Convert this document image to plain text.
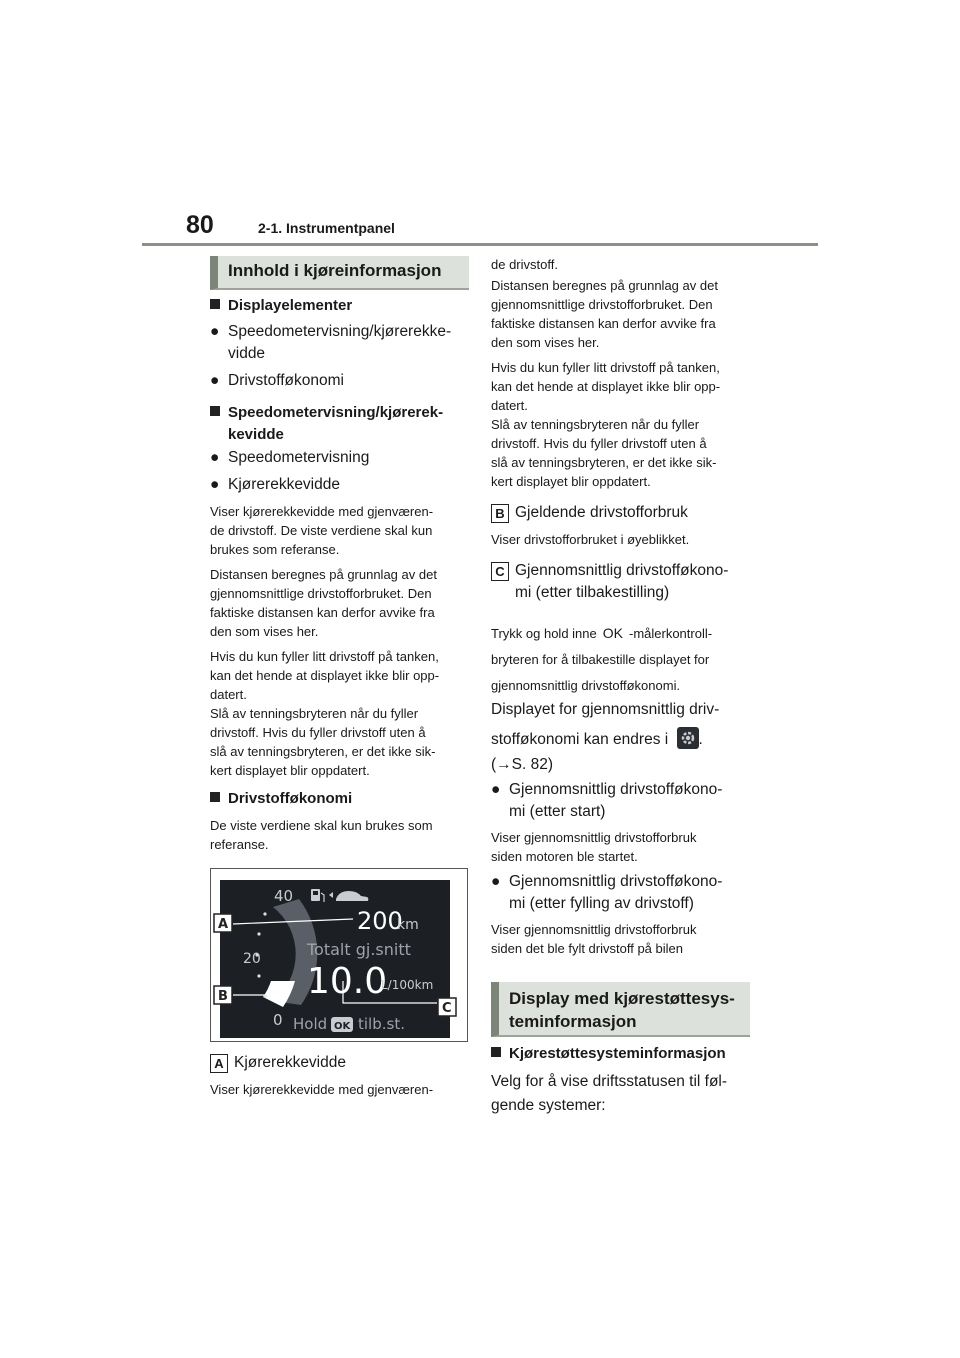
80	2-1. Instrumentpanel
Innhold i kjøreinformasjon
Displayelementer
● Speedometervisning/kjørerekke-
vidde
● Drivstofføkonomi
Speedometervisning/kjørerek-
kevidde
● Speedometervisning
● Kjørerekkevidde
Viser kjørerekkevidde med gjenværen-
de drivstoff. De viste verdiene skal kun
brukes som referanse.
Distansen beregnes på grunnlag av det
gjennomsnittlige drivstofforbruket. Den
faktiske distansen kan derfor avvike fra
den som vises her.
Hvis du kun fyller litt drivstoff på tanken,
kan det hende at displayet ikke blir opp-
datert.
Slå av tenningsbryteren når du fyller
drivstoff. Hvis du fyller drivstoff uten å
slå av tenningsbryteren, er det ikke sik-
kert displayet blir oppdatert.
Drivstofføkonomi
De viste verdiene skal kun brukes som
referanse.
40
20
0
200
km
Totalt gj.snitt
10.0
L/100km
Hold OK tilb.st.
A
B
C
A Kjørerekkevidde
Viser kjørerekkevidde med gjenværen-
de drivstoff.
Distansen beregnes på grunnlag av det
gjennomsnittlige drivstofforbruket. Den
faktiske distansen kan derfor avvike fra
den som vises her.
Hvis du kun fyller litt drivstoff på tanken,
kan det hende at displayet ikke blir opp-
datert.
Slå av tenningsbryteren når du fyller
drivstoff. Hvis du fyller drivstoff uten å
slå av tenningsbryteren, er det ikke sik-
kert displayet blir oppdatert.
B Gjeldende drivstofforbruk
Viser drivstofforbruket i øyeblikket.
C Gjennomsnittlig drivstofføkono-
mi (etter tilbakestilling)
Trykk og hold inne OK -målerkontroll-
bryteren for å tilbakestille displayet for
gjennomsnittlig drivstofføkonomi.
Displayet for gjennomsnittlig driv-
stofføkonomi kan endres i .
(→S. 82)
● Gjennomsnittlig drivstofføkono-
mi (etter start)
Viser gjennomsnittlig drivstofforbruk
siden motoren ble startet.
● Gjennomsnittlig drivstofføkono-
mi (etter fylling av drivstoff)
Viser gjennomsnittlig drivstofforbruk
siden det ble fylt drivstoff på bilen
Display med kjørestøttesys-
teminformasjon
Kjørestøttesysteminformasjon
Velg for å vise driftsstatusen til føl-
gende systemer:
